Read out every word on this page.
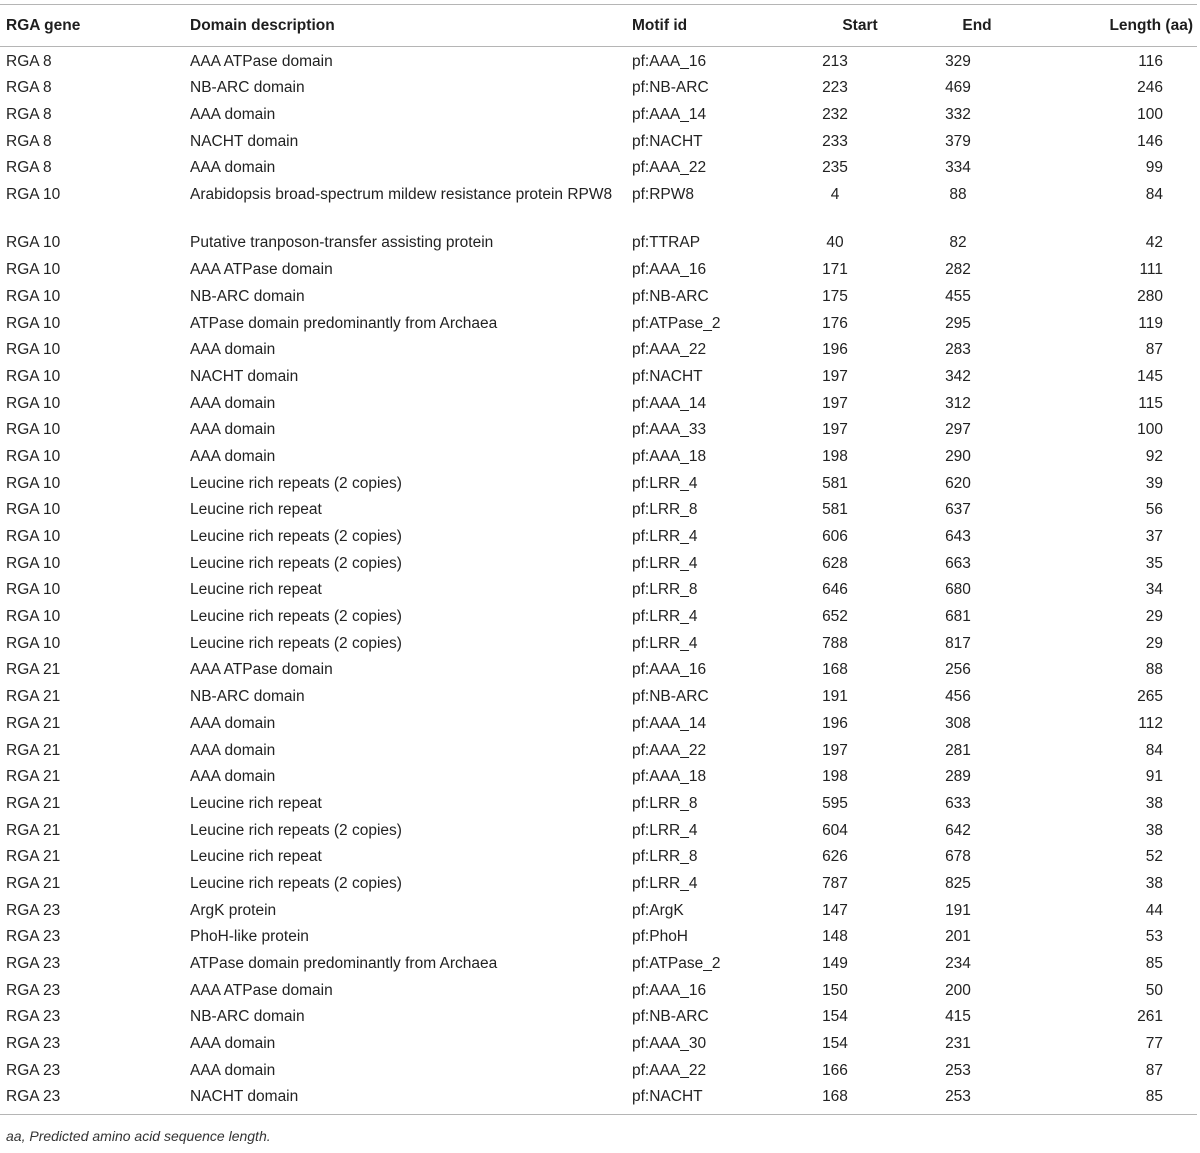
RGA gene	Domain description	Motif id	Start	End	Length (aa)
RGA 8	AAA ATPase domain	pf:AAA_16	213	329	116
RGA 8	NB-ARC domain	pf:NB-ARC	223	469	246
RGA 8	AAA domain	pf:AAA_14	232	332	100
RGA 8	NACHT domain	pf:NACHT	233	379	146
RGA 8	AAA domain	pf:AAA_22	235	334	99
RGA 10	Arabidopsis broad-spectrum mildew resistance protein RPW8	pf:RPW8	4	88	84
RGA 10	Putative tranposon-transfer assisting protein	pf:TTRAP	40	82	42
RGA 10	AAA ATPase domain	pf:AAA_16	171	282	111
RGA 10	NB-ARC domain	pf:NB-ARC	175	455	280
RGA 10	ATPase domain predominantly from Archaea	pf:ATPase_2	176	295	119
RGA 10	AAA domain	pf:AAA_22	196	283	87
RGA 10	NACHT domain	pf:NACHT	197	342	145
RGA 10	AAA domain	pf:AAA_14	197	312	115
RGA 10	AAA domain	pf:AAA_33	197	297	100
RGA 10	AAA domain	pf:AAA_18	198	290	92
RGA 10	Leucine rich repeats (2 copies)	pf:LRR_4	581	620	39
RGA 10	Leucine rich repeat	pf:LRR_8	581	637	56
RGA 10	Leucine rich repeats (2 copies)	pf:LRR_4	606	643	37
RGA 10	Leucine rich repeats (2 copies)	pf:LRR_4	628	663	35
RGA 10	Leucine rich repeat	pf:LRR_8	646	680	34
RGA 10	Leucine rich repeats (2 copies)	pf:LRR_4	652	681	29
RGA 10	Leucine rich repeats (2 copies)	pf:LRR_4	788	817	29
RGA 21	AAA ATPase domain	pf:AAA_16	168	256	88
RGA 21	NB-ARC domain	pf:NB-ARC	191	456	265
RGA 21	AAA domain	pf:AAA_14	196	308	112
RGA 21	AAA domain	pf:AAA_22	197	281	84
RGA 21	AAA domain	pf:AAA_18	198	289	91
RGA 21	Leucine rich repeat	pf:LRR_8	595	633	38
RGA 21	Leucine rich repeats (2 copies)	pf:LRR_4	604	642	38
RGA 21	Leucine rich repeat	pf:LRR_8	626	678	52
RGA 21	Leucine rich repeats (2 copies)	pf:LRR_4	787	825	38
RGA 23	ArgK protein	pf:ArgK	147	191	44
RGA 23	PhoH-like protein	pf:PhoH	148	201	53
RGA 23	ATPase domain predominantly from Archaea	pf:ATPase_2	149	234	85
RGA 23	AAA ATPase domain	pf:AAA_16	150	200	50
RGA 23	NB-ARC domain	pf:NB-ARC	154	415	261
RGA 23	AAA domain	pf:AAA_30	154	231	77
RGA 23	AAA domain	pf:AAA_22	166	253	87
RGA 23	NACHT domain	pf:NACHT	168	253	85
aa, Predicted amino acid sequence length.
